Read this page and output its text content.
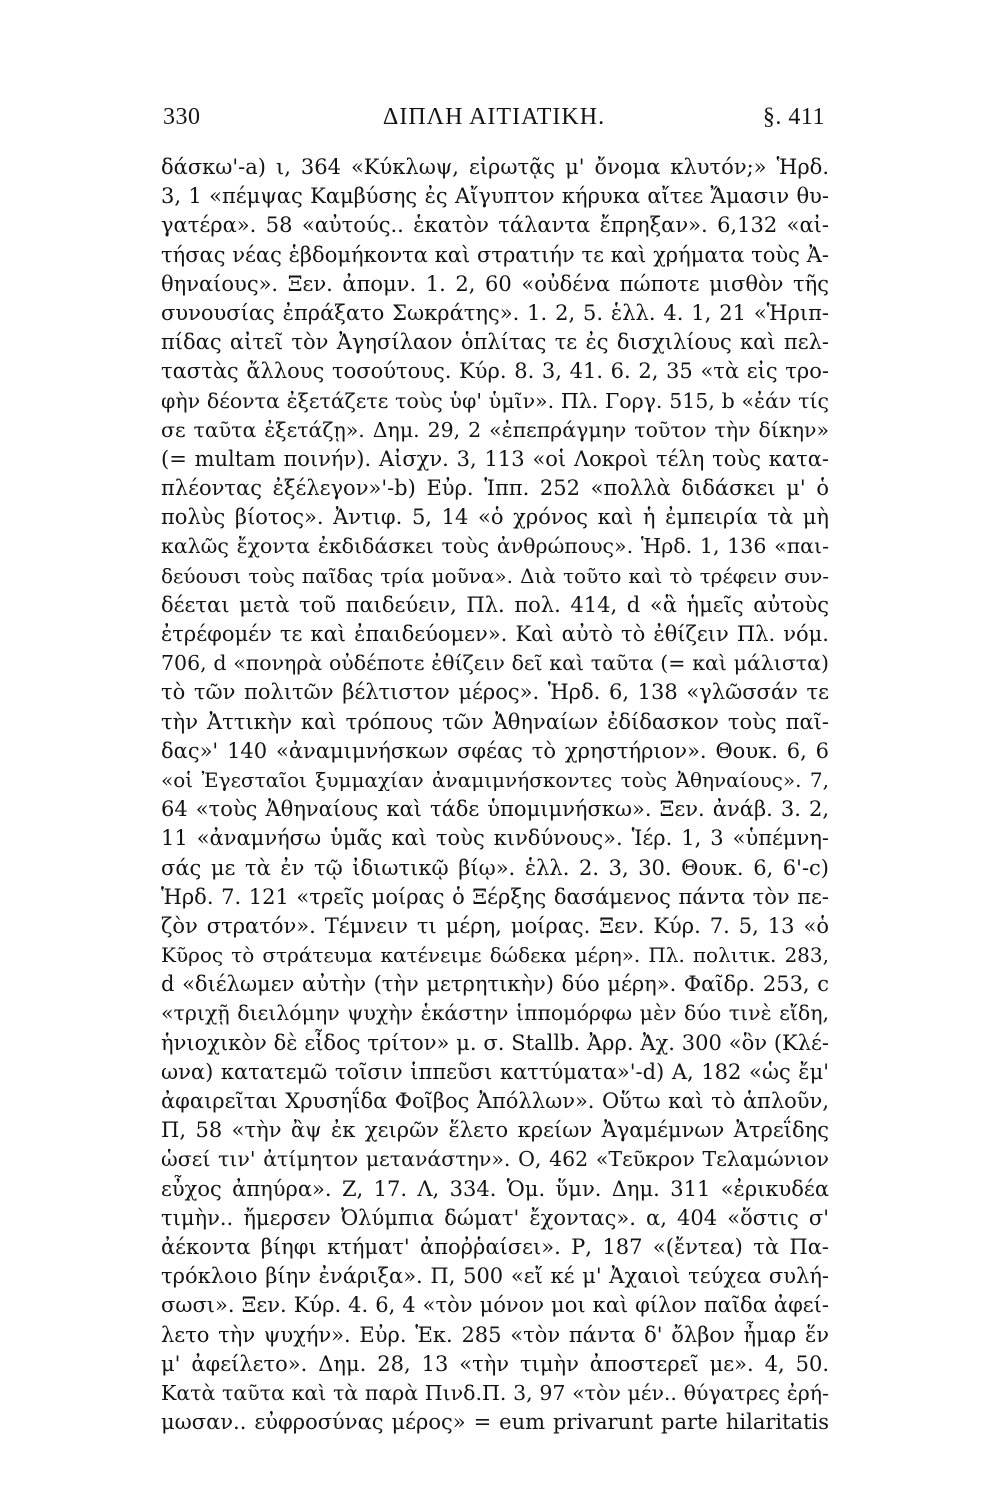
330	ΔΙΠΛΗ ΑΙΤΙΑΤΙΚΗ.	§. 411
δάσκω'-a) ι, 364 «Κύκλωψ, εἰρωτᾷς μ' ὄνομα κλυτόν;» Ἡρδ.
3, 1 «πέμψας Καμβύσης ἐς Αἴγυπτον κήρυκα αἴτεε Ἄμασιν θυ-
γατέρα». 58 «αὐτούς.. ἑκατὸν τάλαντα ἔπρηξαν». 6,132 «αἰ-
τήσας νέας ἑβδομήκοντα καὶ στρατιήν τε καὶ χρήματα τοὺς Ἀ-
θηναίους». Ξεν. ἀπομν. 1. 2, 60 «οὐδένα πώποτε μισθὸν τῆς
συνουσίας ἐπράξατο Σωκράτης». 1. 2, 5. ἑλλ. 4. 1, 21 «Ἡριπ-
πίδας αἰτεῖ τὸν Ἀγησίλαον ὁπλίτας τε ἐς δισχιλίους καὶ πελ-
ταστὰς ἄλλους τοσούτους. Κύρ. 8. 3, 41. 6. 2, 35 «τὰ εἰς τρο-
φὴν δέοντα ἐξετάζετε τοὺς ὑφ' ὑμῖν». Πλ. Γοργ. 515, b «ἐάν τίς
σε ταῦτα ἐξετάζῃ». Δημ. 29, 2 «ἐπεπράγμην τοῦτον τὴν δίκην»
(= multam ποινήν). Αἰσχν. 3, 113 «οἱ Λοκροὶ τέλη τοὺς κατα-
πλέοντας ἐξέλεγον»'-b) Εὐρ. Ἱππ. 252 «πολλὰ διδάσκει μ' ὁ
πολὺς βίοτος». Ἀντιφ. 5, 14 «ὁ χρόνος καὶ ἡ ἐμπειρία τὰ μὴ
καλῶς ἔχοντα ἐκδιδάσκει τοὺς ἀνθρώπους». Ἡρδ. 1, 136 «παι-
δεύουσι τοὺς παῖδας τρία μοῦνα». Διὰ τοῦτο καὶ τὸ τρέφειν συν-
δέεται μετὰ τοῦ παιδεύειν, Πλ. πολ. 414, d «ἃ ἡμεῖς αὐτοὺς
ἐτρέφομέν τε καὶ ἐπαιδεύομεν». Καὶ αὐτὸ τὸ ἐθίζειν Πλ. νόμ.
706, d «πονηρὰ οὐδέποτε ἐθίζειν δεῖ καὶ ταῦτα (= καὶ μάλιστα)
τὸ τῶν πολιτῶν βέλτιστον μέρος». Ἡρδ. 6, 138 «γλῶσσάν τε
τὴν Ἀττικὴν καὶ τρόπους τῶν Ἀθηναίων ἐδίδασκον τοὺς παῖ-
δας»' 140 «ἀναμιμνήσκων σφέας τὸ χρηστήριον». Θουκ. 6, 6
«οἱ Ἐγεσταῖοι ξυμμαχίαν ἀναμιμνήσκοντες τοὺς Ἀθηναίους». 7,
64 «τοὺς Ἀθηναίους καὶ τάδε ὑπομιμνήσκω». Ξεν. ἀνάβ. 3. 2,
11 «ἀναμνήσω ὑμᾶς καὶ τοὺς κινδύνους». Ἱέρ. 1, 3 «ὑπέμνη-
σάς με τὰ ἐν τῷ ἰδιωτικῷ βίῳ». ἑλλ. 2. 3, 30. Θουκ. 6, 6'-c)
Ἡρδ. 7. 121 «τρεῖς μοίρας ὁ Ξέρξης δασάμενος πάντα τὸν πε-
ζὸν στρατόν». Τέμνειν τι μέρη, μοίρας. Ξεν. Κύρ. 7. 5, 13 «ὁ
Κῦρος τὸ στράτευμα κατένειμε δώδεκα μέρη». Πλ. πολιτικ. 283,
d «διέλωμεν αὐτὴν (τὴν μετρητικὴν) δύο μέρη». Φαῖδρ. 253, c
«τριχῇ διειλόμην ψυχὴν ἑκάστην ἱππομόρφω μὲν δύο τινὲ εἴδη,
ἡνιοχικὸν δὲ εἶδος τρίτον» μ. σ. Stallb. Ἀρρ. Ἀχ. 300 «ὃν (Κλέ-
ωνα) κατατεμῶ τοῖσιν ἱππεῦσι καττύματα»'-d) Α, 182 «ὡς ἔμ'
ἀφαιρεῖται Χρυσηΐδα Φοῖβος Ἀπόλλων». Οὕτω καὶ τὸ ἁπλοῦν,
Π, 58 «τὴν ἂψ ἐκ χειρῶν ἕλετο κρείων Ἀγαμέμνων Ἀτρεΐδης
ὡσεί τιν' ἀτίμητον μετανάστην». Ο, 462 «Τεῦκρον Τελαμώνιον
εὖχος ἀπηύρα». Ζ, 17. Λ, 334. Ὁμ. ὕμν. Δημ. 311 «ἐρικυδέα
τιμὴν.. ἤμερσεν Ὀλύμπια δώματ' ἔχοντας». α, 404 «ὅστις σ'
ἀέκοντα βίηφι κτήματ' ἀποῤῥαίσει». Ρ, 187 «(ἔντεα) τὰ Πα-
τρόκλοιο βίην ἐνάριξα». Π, 500 «εἴ κέ μ' Ἀχαιοὶ τεύχεα συλή-
σωσι». Ξεν. Κύρ. 4. 6, 4 «τὸν μόνον μοι καὶ φίλον παῖδα ἀφεί-
λετο τὴν ψυχήν». Εὐρ. Ἑκ. 285 «τὸν πάντα δ' ὄλβον ἦμαρ ἕν
μ' ἀφείλετο». Δημ. 28, 13 «τὴν τιμὴν ἀποστερεῖ με». 4, 50.
Κατὰ ταῦτα καὶ τὰ παρὰ Πινδ.Π. 3, 97 «τὸν μέν.. θύγατρες ἐρή-
μωσαν.. εὐφροσύνας μέρος» = eum privarunt parte hilaritatis
